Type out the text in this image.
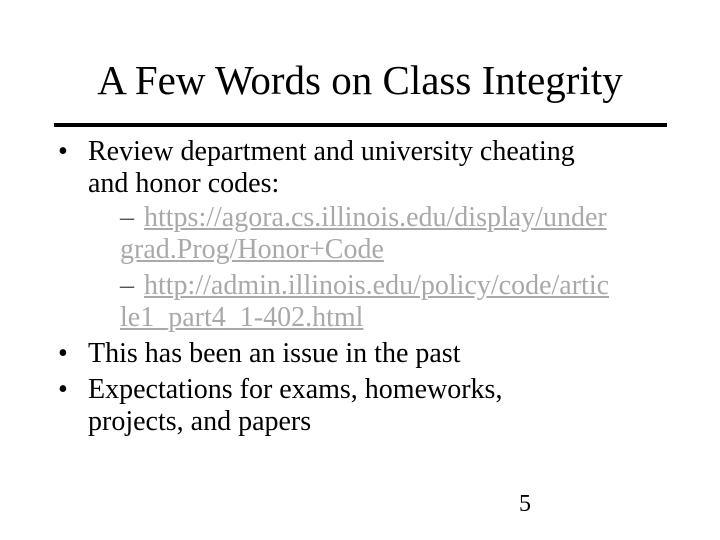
A Few Words on Class Integrity
• Review department and university cheating
and honor codes:
– https://agora.cs.illinois.edu/display/under
grad.Prog/Honor+Code
– http://admin.illinois.edu/policy/code/artic
le1_part4_1-402.html
• This has been an issue in the past
• Expectations for exams, homeworks,
projects, and papers
5
